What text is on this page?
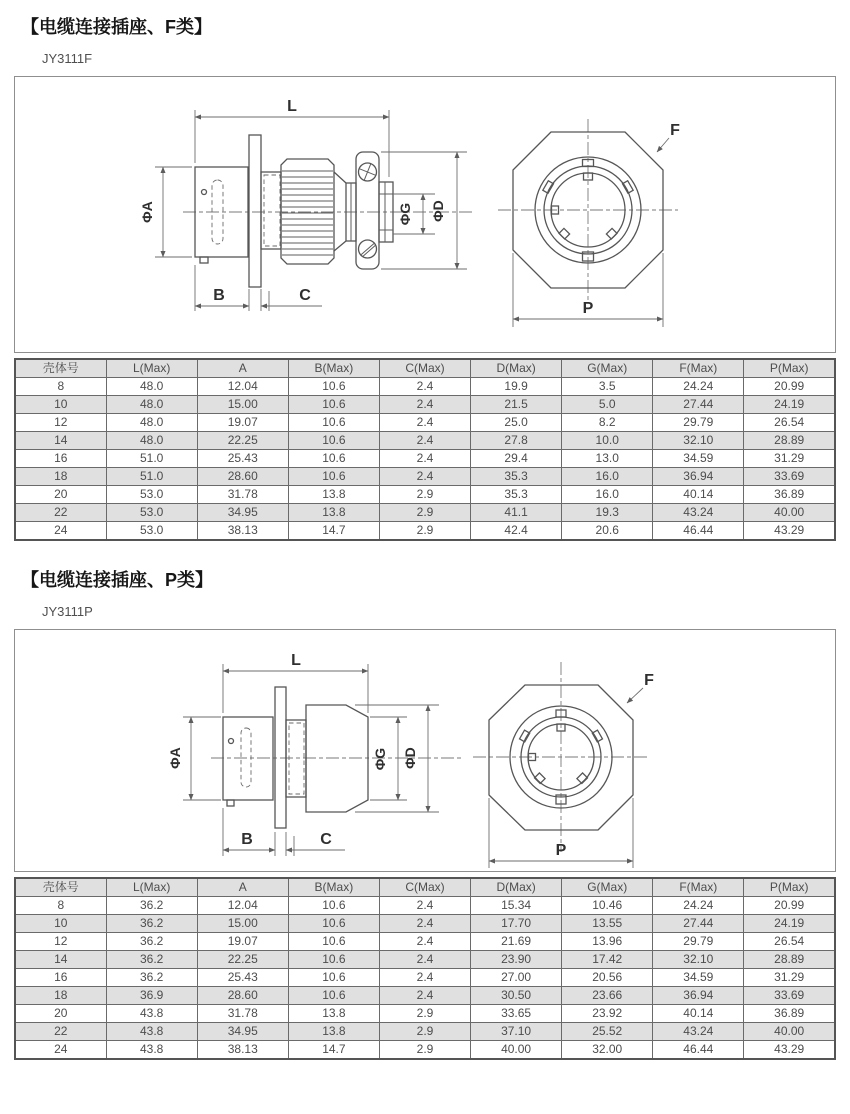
【电缆连接插座、F类】
JY3111F
L
ΦA	ΦG ΦD
B	C
F
P
壳体号	L(Max)	A	B(Max)	C(Max)	D(Max)	G(Max)	F(Max)	P(Max)
8	48.0	12.04	10.6	2.4	19.9	3.5	24.24	20.99
10	48.0	15.00	10.6	2.4	21.5	5.0	27.44	24.19
12	48.0	19.07	10.6	2.4	25.0	8.2	29.79	26.54
14	48.0	22.25	10.6	2.4	27.8	10.0	32.10	28.89
16	51.0	25.43	10.6	2.4	29.4	13.0	34.59	31.29
18	51.0	28.60	10.6	2.4	35.3	16.0	36.94	33.69
20	53.0	31.78	13.8	2.9	35.3	16.0	40.14	36.89
22	53.0	34.95	13.8	2.9	41.1	19.3	43.24	40.00
24	53.0	38.13	14.7	2.9	42.4	20.6	46.44	43.29
【电缆连接插座、P类】
JY3111P
L
ΦA	ΦG ΦD
B	C
F
P
壳体号	L(Max)	A	B(Max)	C(Max)	D(Max)	G(Max)	F(Max)	P(Max)
8	36.2	12.04	10.6	2.4	15.34	10.46	24.24	20.99
10	36.2	15.00	10.6	2.4	17.70	13.55	27.44	24.19
12	36.2	19.07	10.6	2.4	21.69	13.96	29.79	26.54
14	36.2	22.25	10.6	2.4	23.90	17.42	32.10	28.89
16	36.2	25.43	10.6	2.4	27.00	20.56	34.59	31.29
18	36.9	28.60	10.6	2.4	30.50	23.66	36.94	33.69
20	43.8	31.78	13.8	2.9	33.65	23.92	40.14	36.89
22	43.8	34.95	13.8	2.9	37.10	25.52	43.24	40.00
24	43.8	38.13	14.7	2.9	40.00	32.00	46.44	43.29
